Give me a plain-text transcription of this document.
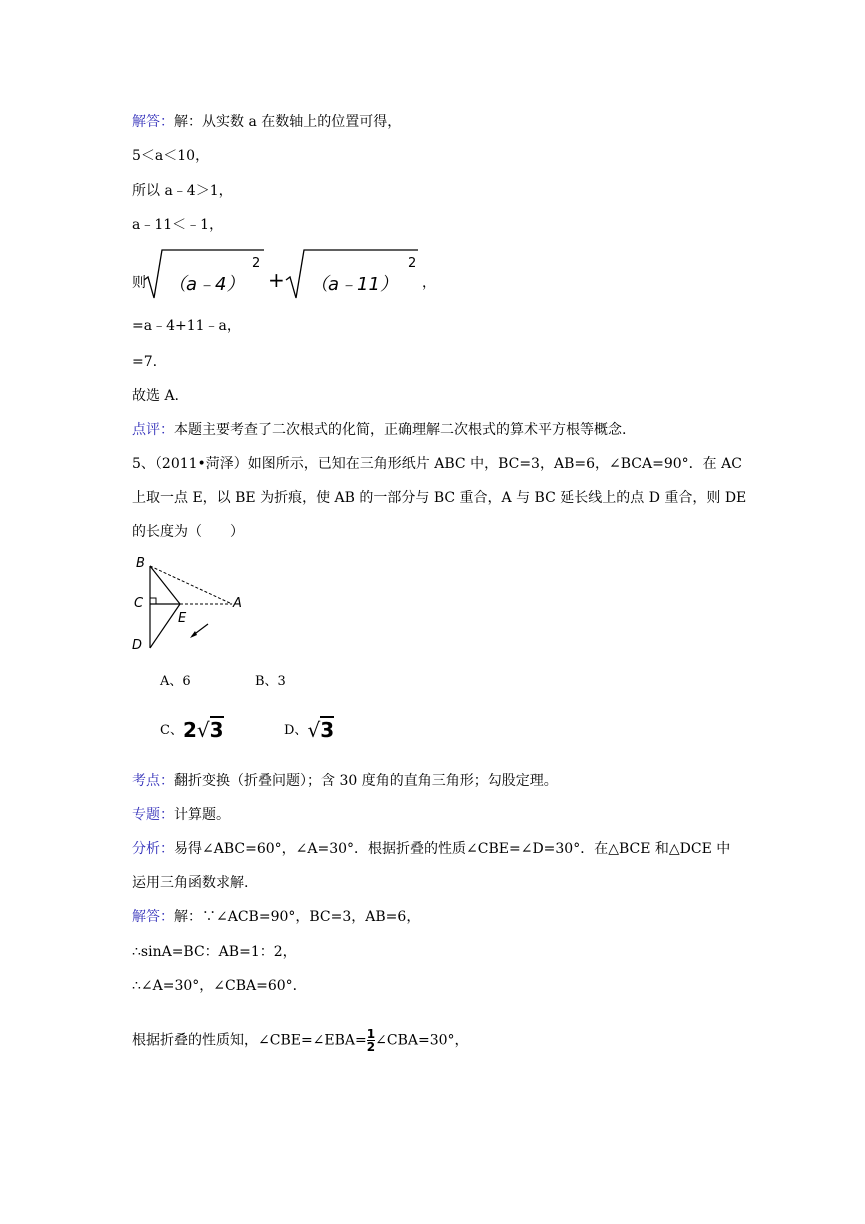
解答：解：从实数 a 在数轴上的位置可得，
5＜a＜10，
所以 a﹣4＞1，
a﹣11＜﹣1，
则 （a﹣4）
2
+ （a﹣11）
2
，
=a﹣4+11﹣a，
=7.
故选 A.
点评：本题主要考查了二次根式的化简，正确理解二次根式的算术平方根等概念.
5、（2011•菏泽）如图所示，已知在三角形纸片 ABC 中，BC=3，AB=6，∠BCA=90°．在 AC
上取一点 E，以 BE 为折痕，使 AB 的一部分与 BC 重合，A 与 BC 延长线上的点 D 重合，则 DE
的长度为（　　）
B
C
D
E
A
A、6	B、3
C、2√3	D、√3
考点：翻折变换（折叠问题）；含 30 度角的直角三角形；勾股定理。
专题：计算题。
分析：易得∠ABC=60°，∠A=30°．根据折叠的性质∠CBE=∠D=30°．在△BCE 和△DCE 中
运用三角函数求解.
解答：解：∵∠ACB=90°，BC=3，AB=6，
∴sinA=BC：AB=1：2，
∴∠A=30°，∠CBA=60°．
根据折叠的性质知，∠CBE=∠EBA= $\frac{1}{2}$ ∠CBA=30°，
